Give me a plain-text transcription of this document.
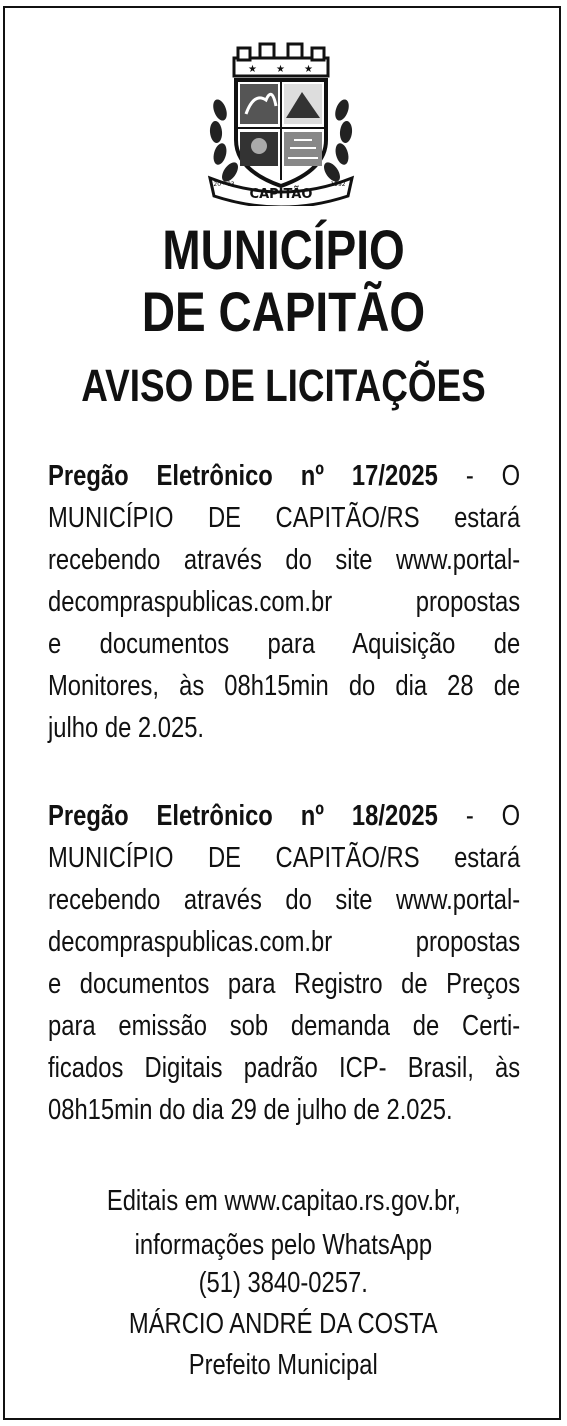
★ ★ ★
CAPITÃO
20 - 03	1992
MUNICÍPIO
DE CAPITÃO
AVISO DE LICITAÇÕES
Pregão Eletrônico nº 17/2025 - O
MUNICÍPIO DE CAPITÃO/RS estará
recebendo através do site www.portal-
decompraspublicas.com.br propostas
e documentos para Aquisição de
Monitores, às 08h15min do dia 28 de
julho de 2.025.
Pregão Eletrônico nº 18/2025 - O
MUNICÍPIO DE CAPITÃO/RS estará
recebendo através do site www.portal-
decompraspublicas.com.br propostas
e documentos para Registro de Preços
para emissão sob demanda de Certi-
ficados Digitais padrão ICP- Brasil, às
08h15min do dia 29 de julho de 2.025.
Editais em www.capitao.rs.gov.br,
informações pelo WhatsApp
(51) 3840-0257.
MÁRCIO ANDRÉ DA COSTA
Prefeito Municipal
